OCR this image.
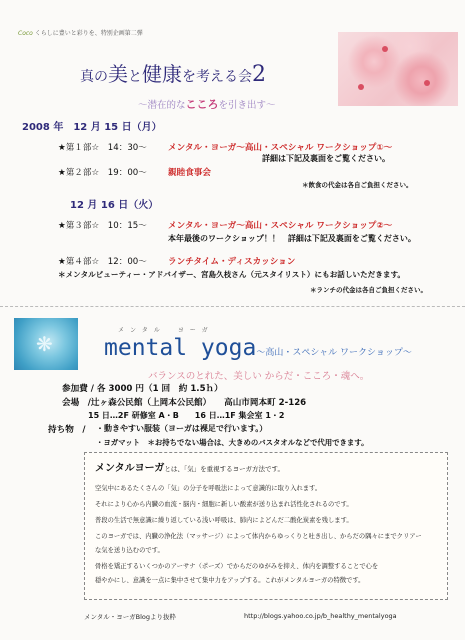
Coco くらしに豊いと彩りを、特別企画第二弾
真の美と健康を考える会2
～潜在的なこころを引き出す～
2008 年　12 月 15 日（月）
★第１部☆　14：30～ メンタル・ヨーガ～高山・スペシャル ワークショップ①～
詳細は下記及裏面をご覧ください。
★第２部☆　19：00～ 親睦食事会
＊飲食の代金は各自ご負担ください。
12 月 16 日（火）
★第３部☆　10：15～ メンタル・ヨーガ～高山・スペシャル ワークショップ②～
本年最後のワークショップ！！　詳細は下記及裏面をご覧ください。
★第４部☆　12：00～ ランチタイム・ディスカッション
＊メンタルビューティー・アドバイザー、宮島久枝さん（元スタイリスト）にもお話しいただきます。
＊ランチの代金は各自ご負担ください。
❋
メンタル　ヨーガ
mental yoga～高山・スペシャル ワークショップ～
バランスのとれた、美しい からだ・こころ・魂へ。
参加費 / 各 3000 円（1 回　約 1.5ｈ）
会場　/辻ヶ森公民館（上岡本公民館）　　高山市岡本町 2-126
15 日…2F 研修室 A・B　　16 日…1F 集会室 1・2
持ち物　/ ・動きやすい服装（ヨーガは裸足で行います。）
・ヨガマット　＊お持ちでない場合は、大きめのバスタオルなどで代用できます。
メンタルヨーガとは、「気」を重視するヨーガ方法です。

空気中にあるたくさんの「気」の分子を呼吸法によって意識的に取り入れます。

それにより心から内臓の血流・脳内・細胞に新しい酸素が送り込まれ活性化されるのです。

普段の生活で無意識に繰り返している浅い呼吸は、肺内によどんだ二酸化炭素を残します。

このヨーガでは、内臓の浄化法（マッサージ）によって体内からゆっくりと吐き出し、からだの隅々にまでクリアー

な気を送り込むのです。

骨格を矯正するいくつかのアーサナ（ポーズ）でからだのゆがみを抑え、体内を調整することで心を

穏やかにし、意識を一点に集中させて集中力をアップする。これがメンタルヨーガの特徴です。

メンタル・ヨーガBlogより抜粋	http://blogs.yahoo.co.jp/b_healthy_mentalyoga
